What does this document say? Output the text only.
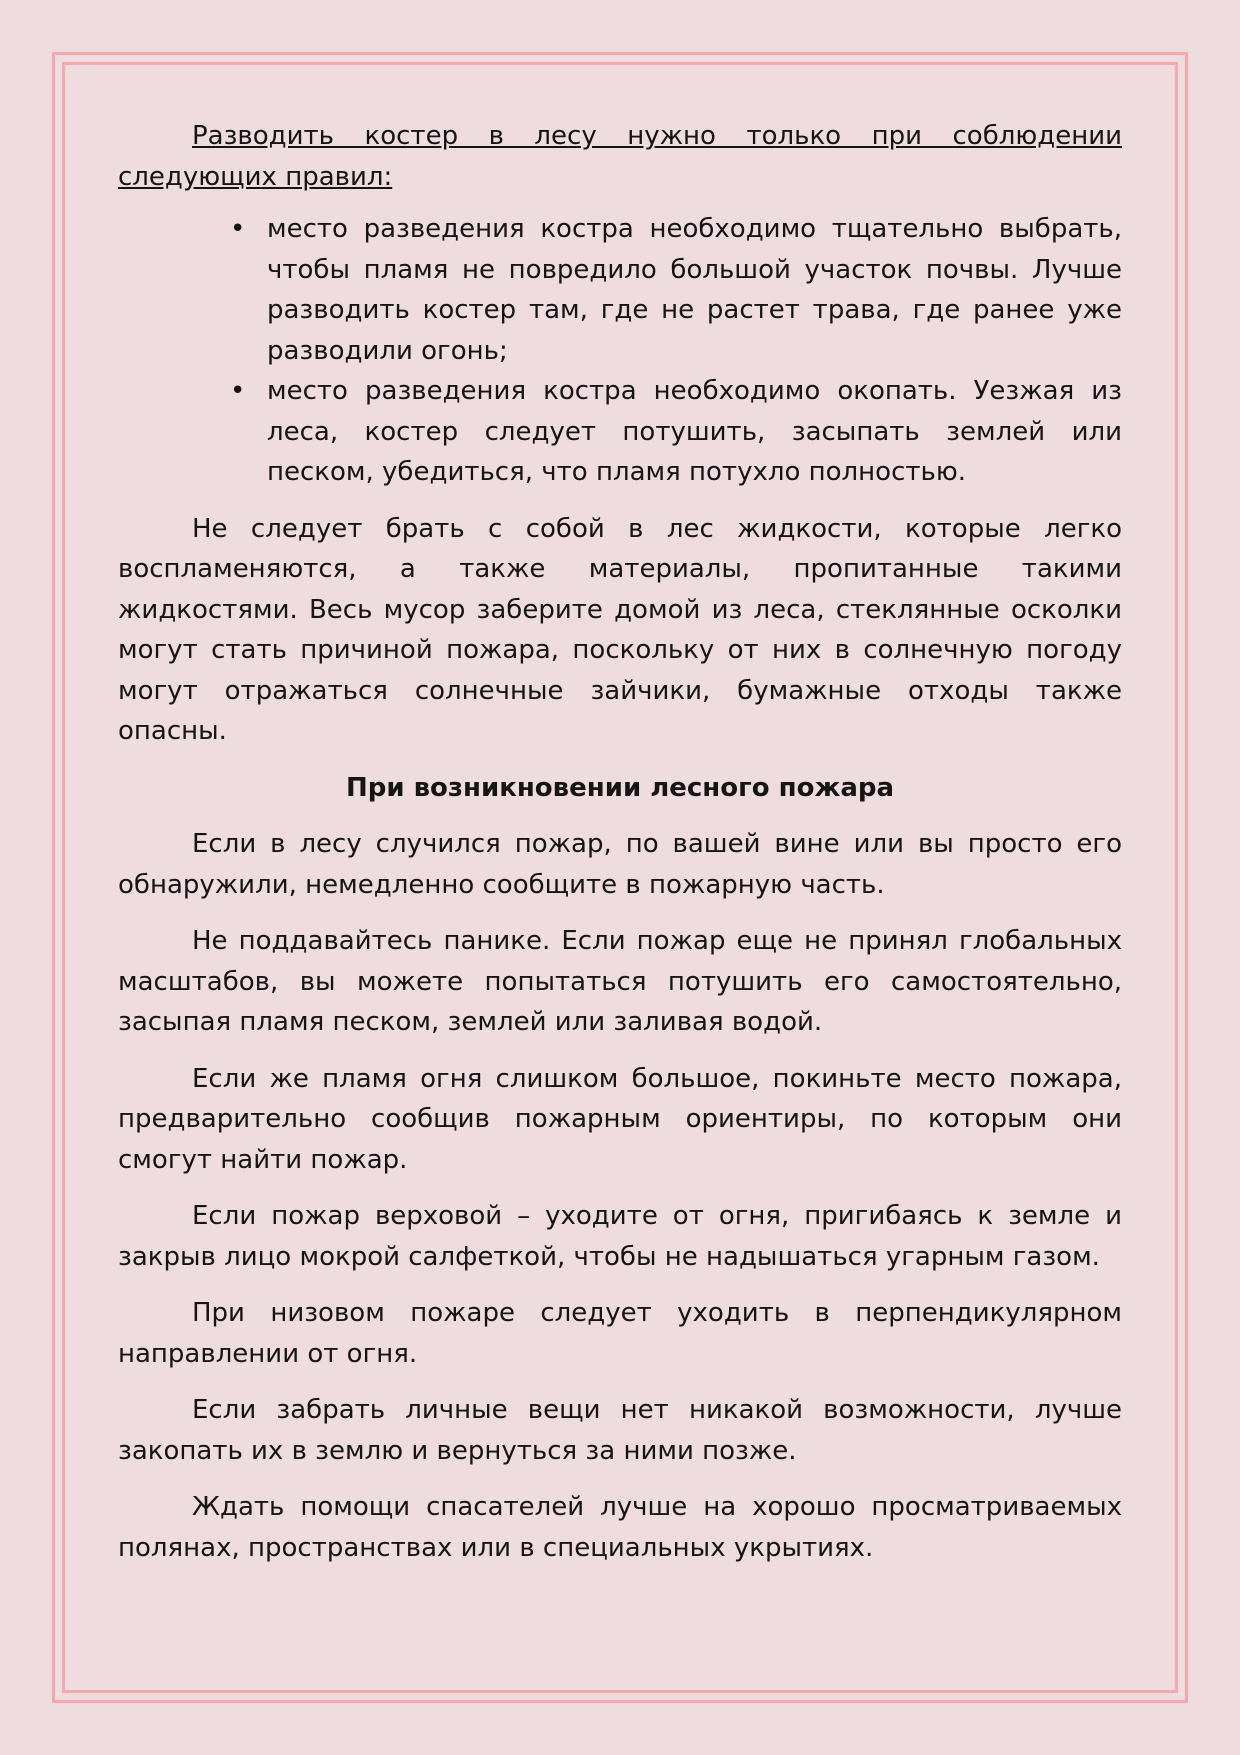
Разводить костер в лесу нужно только при соблюдении следующих правил:

• место разведения костра необходимо тщательно выбрать, чтобы пламя не повредило большой участок почвы. Лучше разводить костер там, где не растет трава, где ранее уже разводили огонь;
• место разведения костра необходимо окопать. Уезжая из леса, костер следует потушить, засыпать землей или песком, убедиться, что пламя потухло полностью.

Не следует брать с собой в лес жидкости, которые легко воспламеняются, а также материалы, пропитанные такими жидкостями. Весь мусор заберите домой из леса, стеклянные осколки могут стать причиной пожара, поскольку от них в солнечную погоду могут отражаться солнечные зайчики, бумажные отходы также опасны.

При возникновении лесного пожара

Если в лесу случился пожар, по вашей вине или вы просто его обнаружили, немедленно сообщите в пожарную часть.

Не поддавайтесь панике. Если пожар еще не принял глобальных масштабов, вы можете попытаться потушить его самостоятельно, засыпая пламя песком, землей или заливая водой.

Если же пламя огня слишком большое, покиньте место пожара, предварительно сообщив пожарным ориентиры, по которым они смогут найти пожар.

Если пожар верховой – уходите от огня, пригибаясь к земле и закрыв лицо мокрой салфеткой, чтобы не надышаться угарным газом.

При низовом пожаре следует уходить в перпендикулярном направлении от огня.

Если забрать личные вещи нет никакой возможности, лучше закопать их в землю и вернуться за ними позже.

Ждать помощи спасателей лучше на хорошо просматриваемых полянах, пространствах или в специальных укрытиях.
